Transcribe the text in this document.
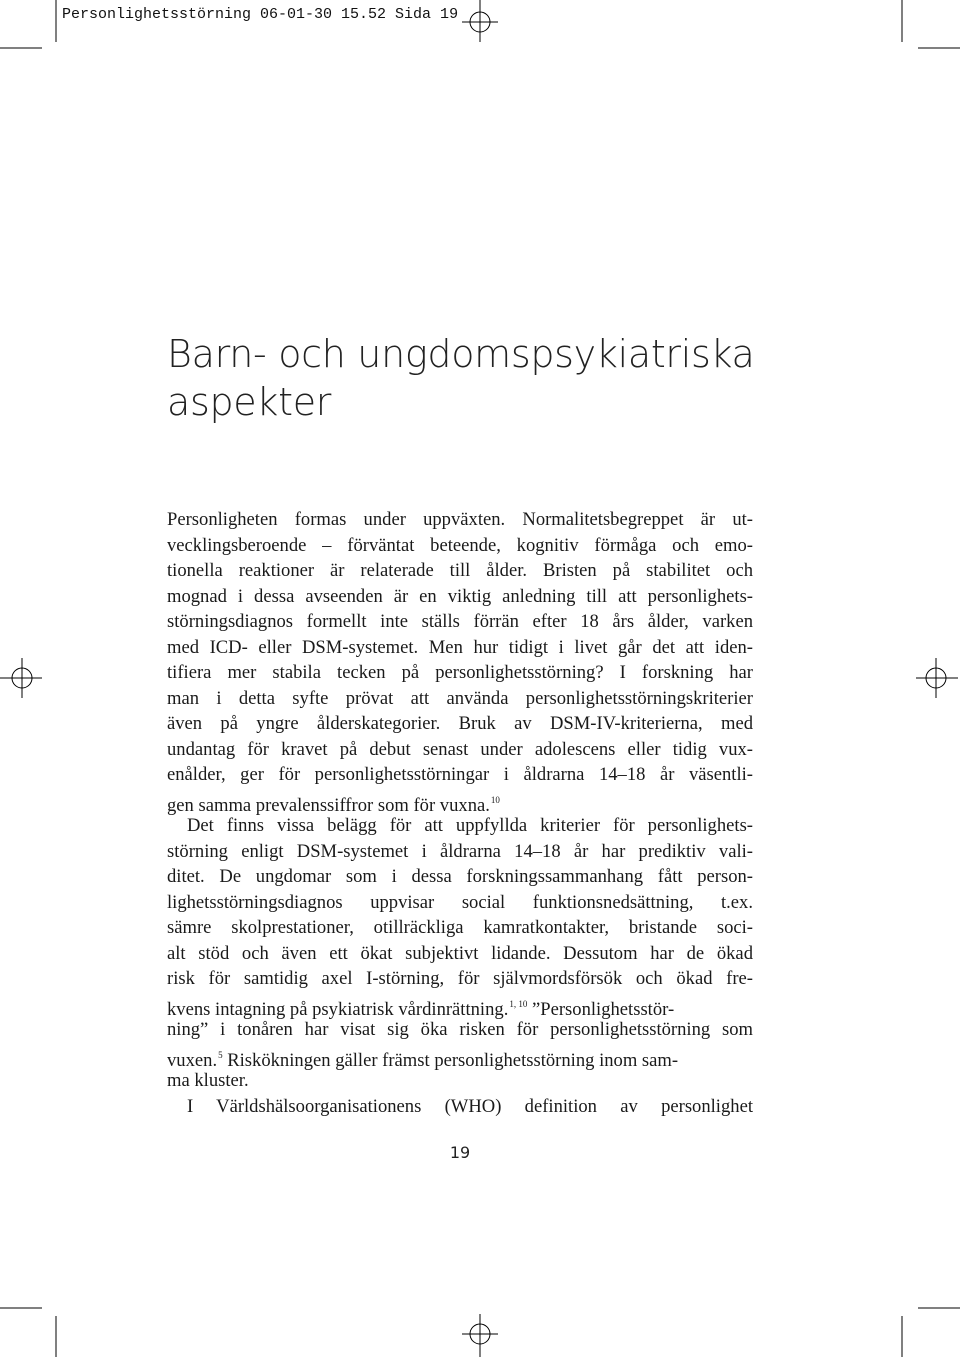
Personlighetsstörning 06-01-30 15.52 Sida 19
Barn- och ungdomspsykiatriska
aspekter
Personligheten formas under uppväxten. Normalitetsbegreppet är ut-
vecklingsberoende – förväntat beteende, kognitiv förmåga och emo-
tionella reaktioner är relaterade till ålder. Bristen på stabilitet och
mognad i dessa avseenden är en viktig anledning till att personlighets-
störningsdiagnos formellt inte ställs förrän efter 18 års ålder, varken
med ICD- eller DSM-systemet. Men hur tidigt i livet går det att iden-
tifiera mer stabila tecken på personlighetsstörning? I forskning har
man i detta syfte prövat att använda personlighetsstörningskriterier
även på yngre ålderskategorier. Bruk av DSM-IV-kriterierna, med
undantag för kravet på debut senast under adolescens eller tidig vux-
enålder, ger för personlighetsstörningar i åldrarna 14–18 år väsentli-
gen samma prevalenssiffror som för vuxna.$^{10}$
Det finns vissa belägg för att uppfyllda kriterier för personlighets-
störning enligt DSM-systemet i åldrarna 14–18 år har prediktiv vali-
ditet. De ungdomar som i dessa forskningssammanhang fått person-
lighetsstörningsdiagnos uppvisar social funktionsnedsättning, t.ex.
sämre skolprestationer, otillräckliga kamratkontakter, bristande soci-
alt stöd och även ett ökat subjektivt lidande. Dessutom har de ökad
risk för samtidig axel I-störning, för självmordsförsök och ökad fre-
kvens intagning på psykiatrisk vårdinrättning.$^{1, 10}$ ”Personlighetsstör-
ning” i tonåren har visat sig öka risken för personlighetsstörning som
vuxen.$^5$ Riskökningen gäller främst personlighetsstörning inom sam-
ma kluster.
I Världshälsoorganisationens (WHO) definition av personlighet
19
